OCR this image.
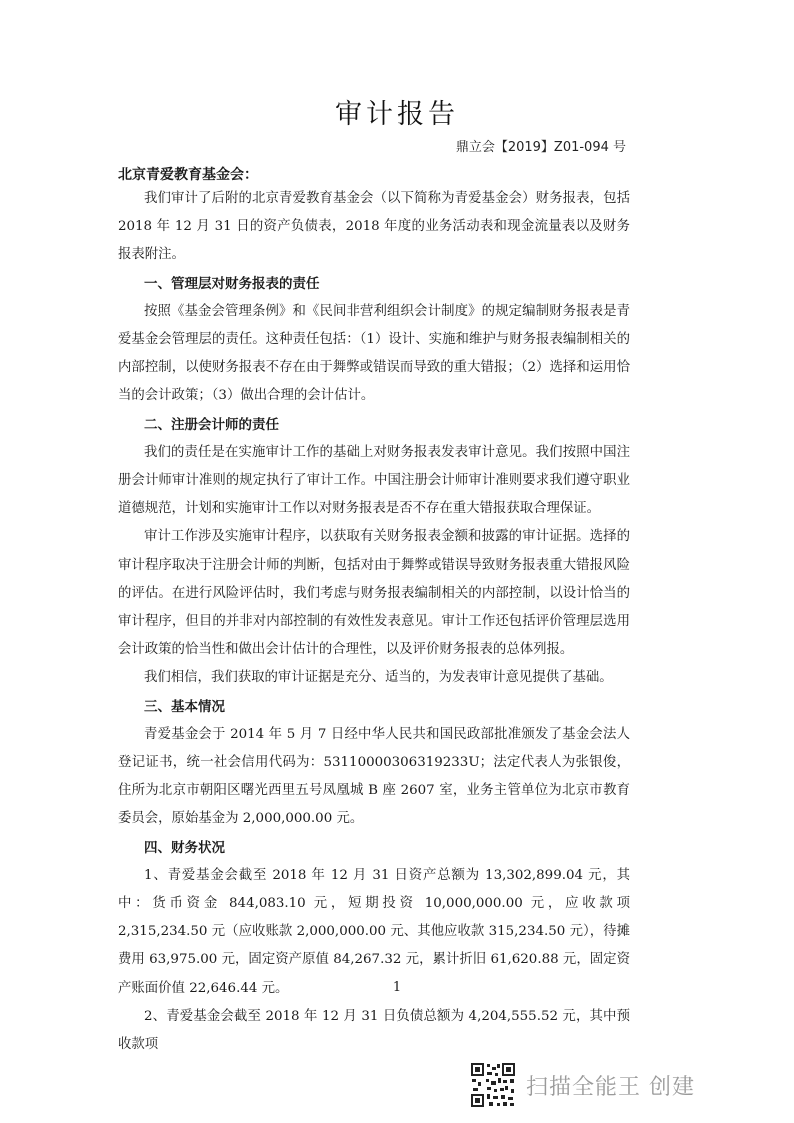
审计报告
鼎立会【2019】Z01-094 号
北京青爱教育基金会：

我们审计了后附的北京青爱教育基金会（以下简称为青爱基金会）财务报表，包括 2018 年 12 月 31 日的资产负债表，2018 年度的业务活动表和现金流量表以及财务报表附注。

一、管理层对财务报表的责任

按照《基金会管理条例》和《民间非营利组织会计制度》的规定编制财务报表是青爱基金会管理层的责任。这种责任包括：（1）设计、实施和维护与财务报表编制相关的内部控制，以使财务报表不存在由于舞弊或错误而导致的重大错报；（2）选择和运用恰当的会计政策；（3）做出合理的会计估计。

二、注册会计师的责任

我们的责任是在实施审计工作的基础上对财务报表发表审计意见。我们按照中国注册会计师审计准则的规定执行了审计工作。中国注册会计师审计准则要求我们遵守职业道德规范，计划和实施审计工作以对财务报表是否不存在重大错报获取合理保证。

审计工作涉及实施审计程序，以获取有关财务报表金额和披露的审计证据。选择的审计程序取决于注册会计师的判断，包括对由于舞弊或错误导致财务报表重大错报风险的评估。在进行风险评估时，我们考虑与财务报表编制相关的内部控制，以设计恰当的审计程序，但目的并非对内部控制的有效性发表意见。审计工作还包括评价管理层选用会计政策的恰当性和做出会计估计的合理性，以及评价财务报表的总体列报。

我们相信，我们获取的审计证据是充分、适当的，为发表审计意见提供了基础。

三、基本情况

青爱基金会于 2014 年 5 月 7 日经中华人民共和国民政部批准颁发了基金会法人登记证书，统一社会信用代码为：53110000306319233U；法定代表人为张银俊，住所为北京市朝阳区曙光西里五号凤凰城 B 座 2607 室，业务主管单位为北京市教育委员会，原始基金为 2,000,000.00 元。

四、财务状况

1、青爱基金会截至 2018 年 12 月 31 日资产总额为 13,302,899.04 元，其中：货币资金 844,083.10 元，短期投资 10,000,000.00 元，应收款项 2,315,234.50 元（应收账款 2,000,000.00 元、其他应收款 315,234.50 元），待摊费用 63,975.00 元，固定资产原值 84,267.32 元，累计折旧 61,620.88 元，固定资产账面价值 22,646.44 元。

2、青爱基金会截至 2018 年 12 月 31 日负债总额为 4,204,555.52 元，其中预收款项

1
扫描全能王 创建
